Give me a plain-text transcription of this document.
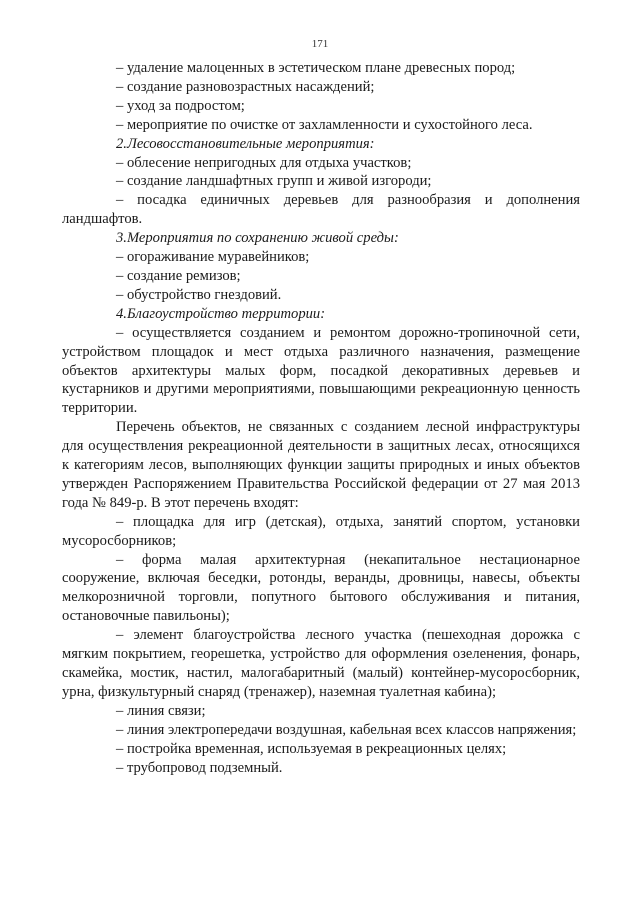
171

– удаление малоценных в эстетическом плане древесных пород;

– создание разновозрастных насаждений;

– уход за подростом;

– мероприятие по очистке от захламленности и сухостойного леса.

2.Лесовосстановительные мероприятия:

– облесение непригодных для отдыха участков;

– создание ландшафтных групп и живой изгороди;

– посадка единичных деревьев для разнообразия и дополнения ландшафтов.

3.Мероприятия по сохранению живой среды:

– огораживание муравейников;

– создание ремизов;

– обустройство гнездовий.

4.Благоустройство территории:

– осуществляется созданием и ремонтом дорожно-тропиночной сети, устройством площадок и мест отдыха различного назначения, размещение объектов архитектуры малых форм, посадкой декоративных деревьев и кустарников и другими мероприятиями, повышающими рекреационную ценность территории.

Перечень объектов, не связанных с созданием лесной инфраструктуры для осуществления рекреационной деятельности в защитных лесах, относящихся к категориям лесов, выполняющих функции защиты природных и иных объектов утвержден Распоряжением Правительства Российской федерации от 27 мая 2013 года № 849-р. В этот перечень входят:

– площадка для игр (детская), отдыха, занятий спортом, установки мусоросборников;

– форма малая архитектурная (некапитальное нестационарное сооружение, включая беседки, ротонды, веранды, дровницы, навесы, объекты мелкорозничной торговли, попутного бытового обслуживания и питания, остановочные павильоны);

– элемент благоустройства лесного участка (пешеходная дорожка с мягким покрытием, георешетка, устройство для оформления озеленения, фонарь, скамейка, мостик, настил, малогабаритный (малый) контейнер-мусоросборник, урна, физкультурный снаряд (тренажер), наземная туалетная кабина);

– линия связи;

– линия электропередачи воздушная, кабельная всех классов напряжения;

– постройка временная, используемая в рекреационных целях;

– трубопровод подземный.
